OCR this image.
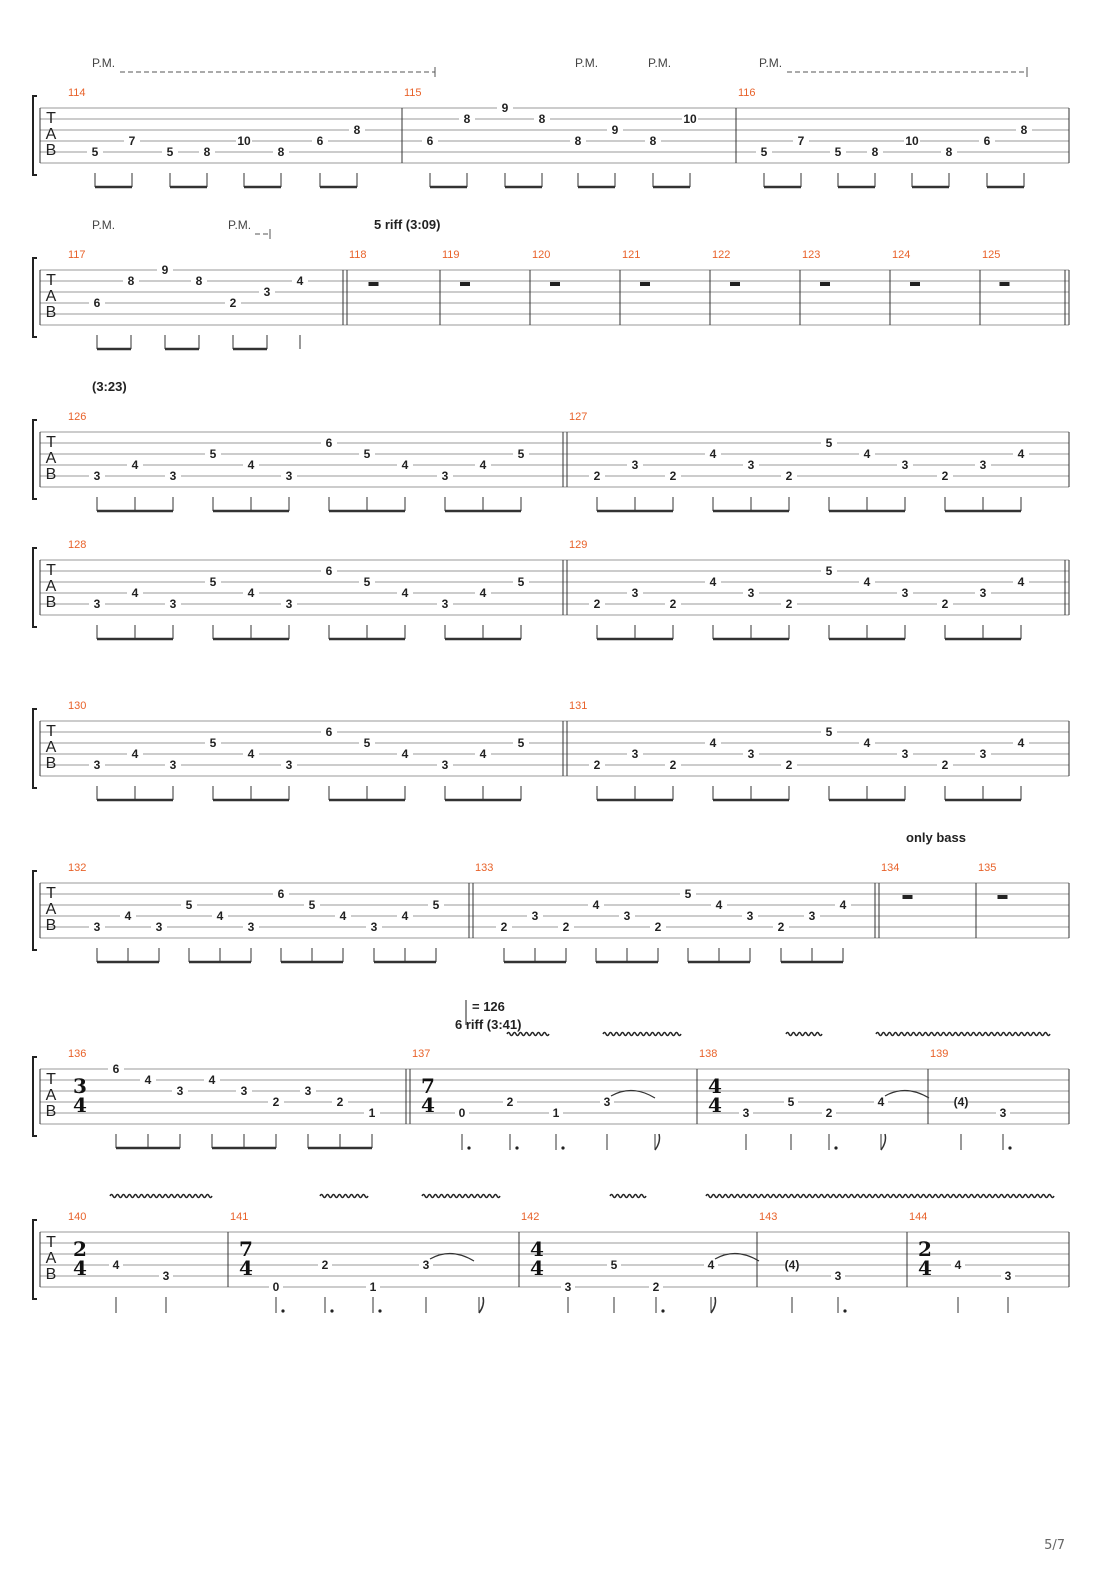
T
A
B
P.M.	P.M.	P.M.	P.M.
114
5
7
5	8
10
8
6
8
115
6
8
9
8
8
9
8
10
116
5
7
5	8
10
8
6
8
T
A
B
P.M.	P.M.	5 riff (3:09)
117
6
8
9
8
2
3
4
118	119	120	121	122	123	124	125
T
A
B
(3:23)
126
3
4
3
5
4
3
6
5
4
3
4
5
127
2
3
2
4
3
2
5
4
3
2
3
4
T
A
B
128
3
4
3
5
4
3
6
5
4
3
4
5
129
2
3
2
4
3
2
5
4
3
2
3
4
T
A
B
130
3
4
3
5
4
3
6
5
4
3
4
5
131
2
3
2
4
3
2
5
4
3
2
3
4
T
A
B
only bass
132
3
4
3
5
4
3
6
5
4
3
4
5
133
2
3
2
4
3
2
5
4
3
2
3
4
134	135
T
A
B
= 126
6 riff (3:41)
136
3
4
6
4
3
4
3
2
3
2
1
137
7
4 0
2
1
3
138
4
4 3
5
2
4
139
(4)
3
T
A
B
140
2
4 4
3
141
7
4
0
2
1
3
142
4
4
3
5
2
4
143
(4)
3
144
2
4 4
3
5/7
